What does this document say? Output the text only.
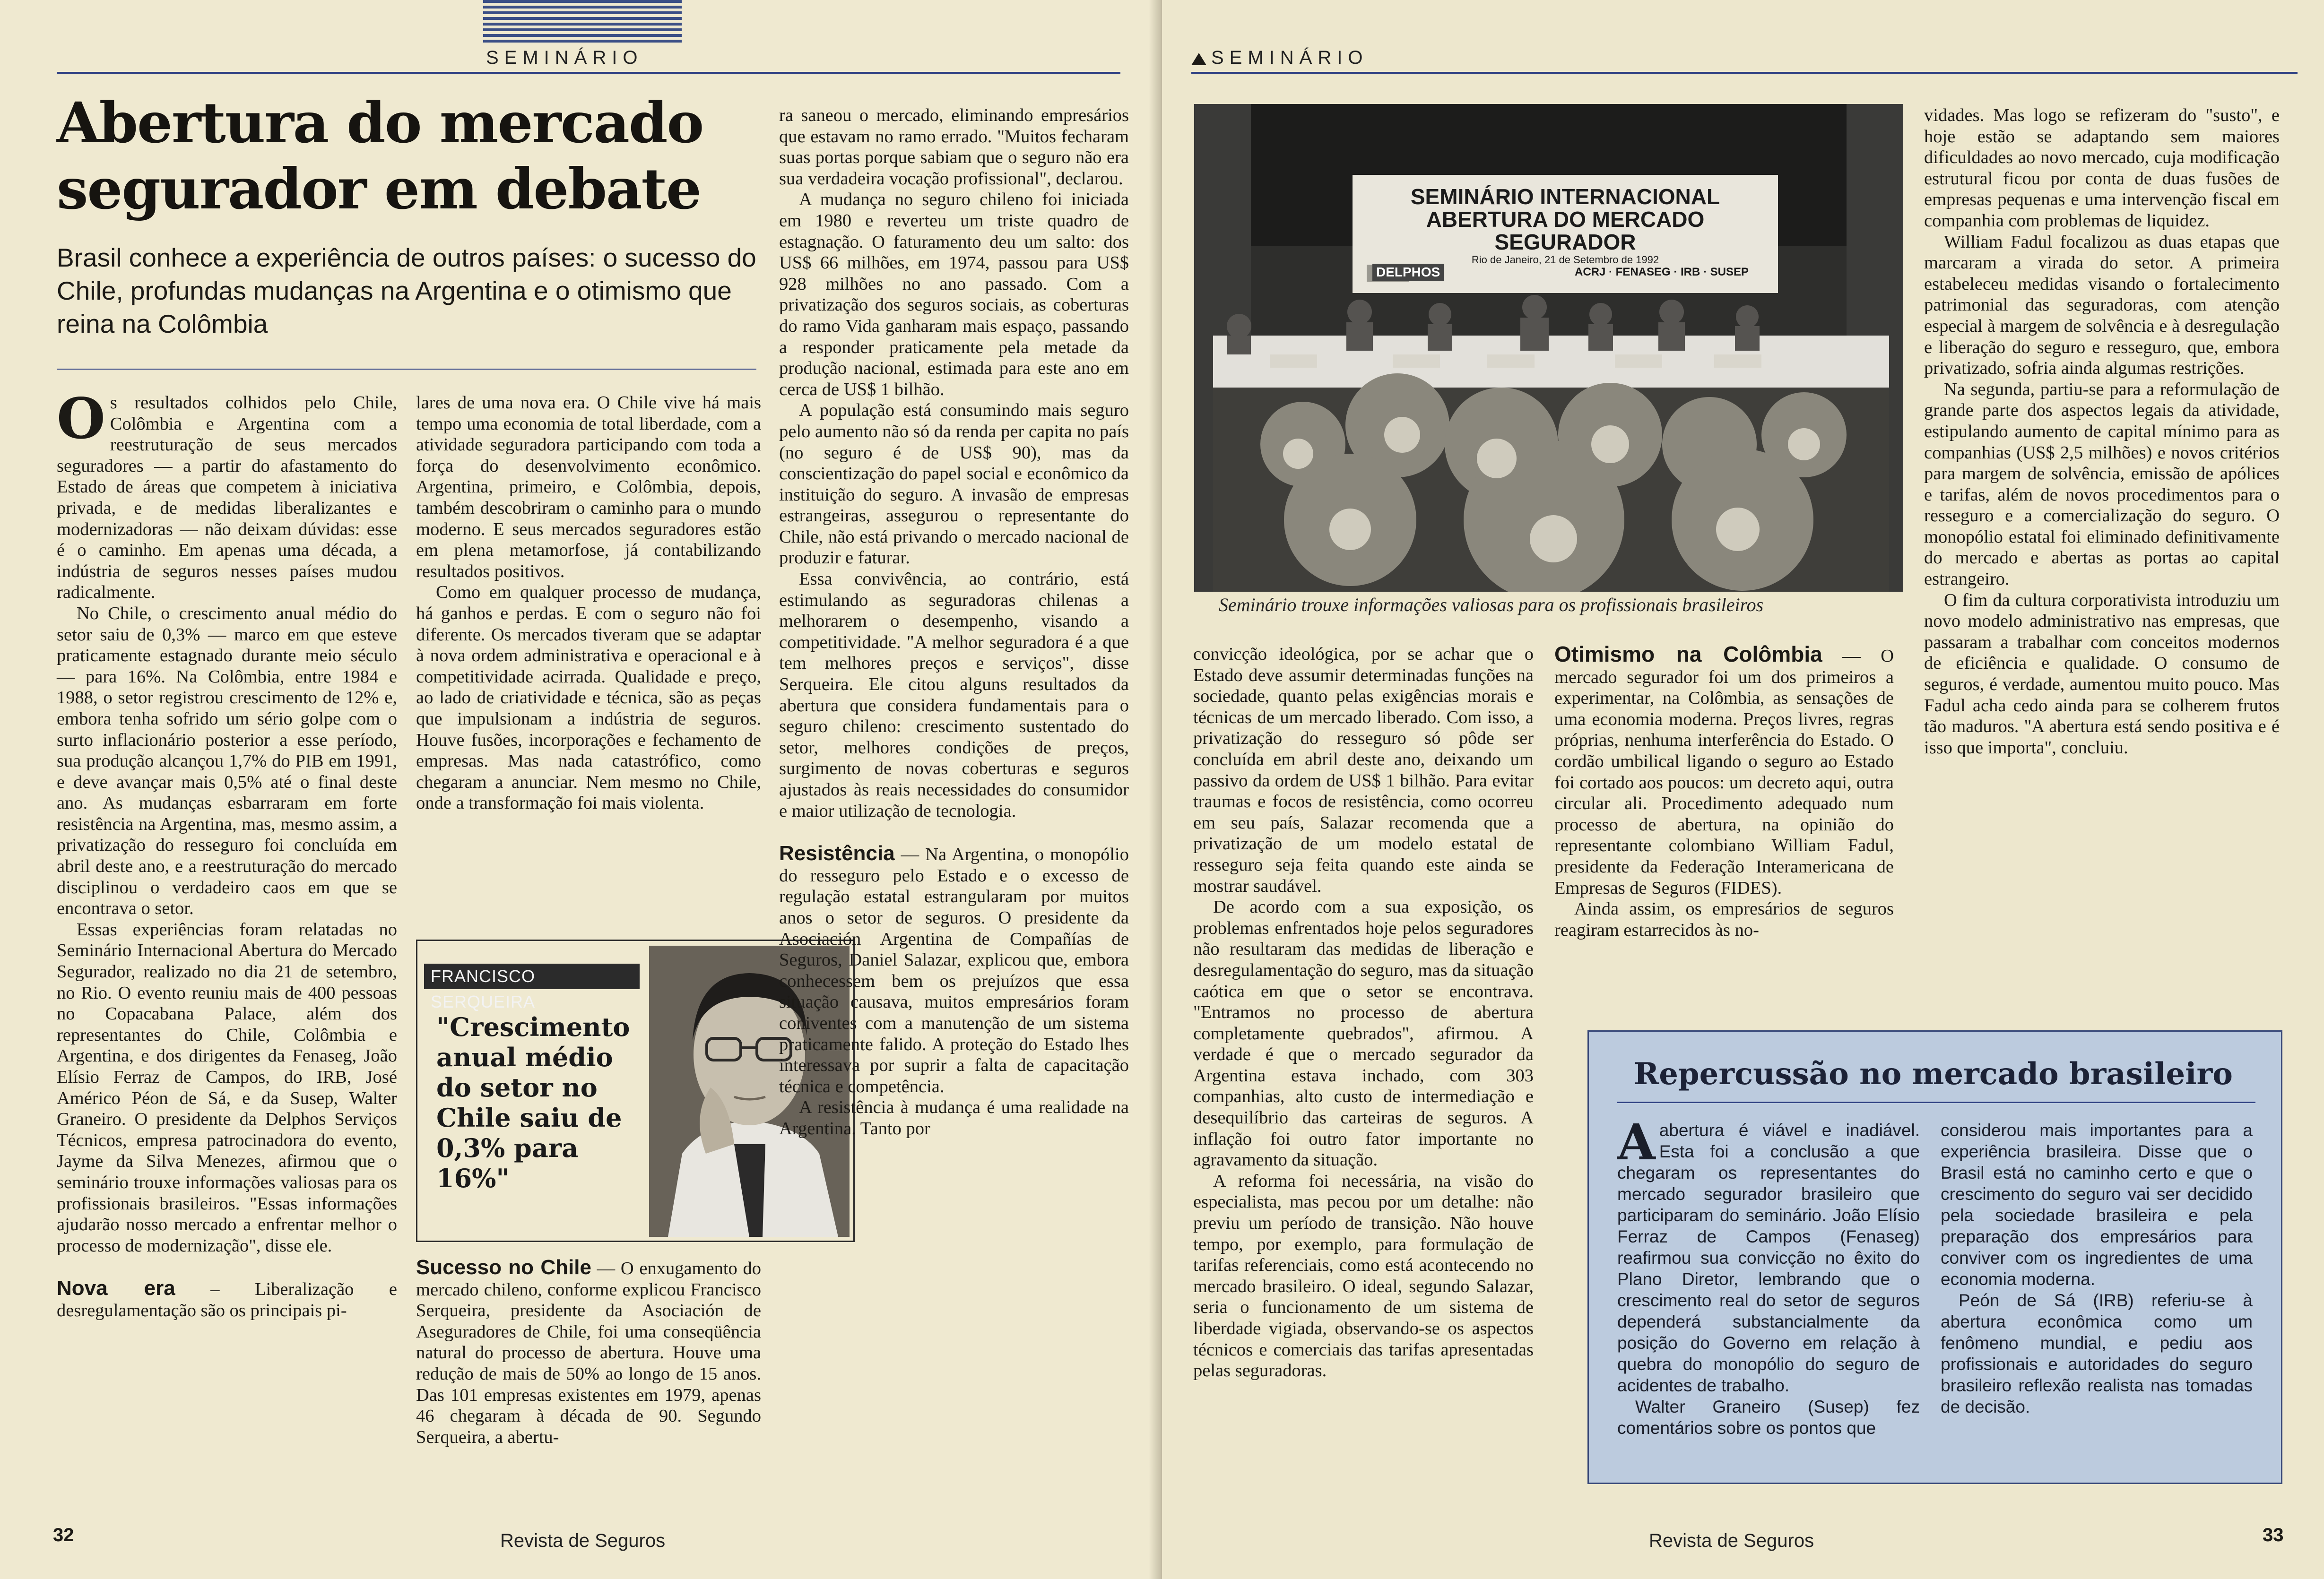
SEMINÁRIO
Abertura do mercado
segurador em debate
Brasil conhece a experiência de outros países: o sucesso do Chile, profundas mudanças na Argentina e o otimismo que reina na Colômbia

Os resultados colhidos pelo Chile, Colômbia e Argentina com a reestruturação de seus mercados seguradores — a partir do afastamento do Estado de áreas que competem à iniciativa privada, e de medidas liberalizantes e modernizadoras — não deixam dúvidas: esse é o caminho. Em apenas uma década, a indústria de seguros nesses países mudou radicalmente.

No Chile, o crescimento anual médio do setor saiu de 0,3% — marco em que esteve praticamente estagnado durante meio século — para 16%. Na Colômbia, entre 1984 e 1988, o setor registrou crescimento de 12% e, embora tenha sofrido um sério golpe com o surto inflacionário posterior a esse período, sua produção alcançou 1,7% do PIB em 1991, e deve avançar mais 0,5% até o final deste ano. As mudanças esbarraram em forte resistência na Argentina, mas, mesmo assim, a privatização do resseguro foi concluída em abril deste ano, e a reestruturação do mercado disciplinou o verdadeiro caos em que se encontrava o setor.

Essas experiências foram relatadas no Seminário Internacional Abertura do Mercado Segurador, realizado no dia 21 de setembro, no Rio. O evento reuniu mais de 400 pessoas no Copacabana Palace, além dos representantes do Chile, Colômbia e Argentina, e dos dirigentes da Fenaseg, João Elísio Ferraz de Campos, do IRB, José Américo Péon de Sá, e da Susep, Walter Graneiro. O presidente da Delphos Serviços Técnicos, empresa patrocinadora do evento, Jayme da Silva Menezes, afirmou que o seminário trouxe informações valiosas para os profissionais brasileiros. "Essas informações ajudarão nosso mercado a enfrentar melhor o processo de modernização", disse ele.

Nova era – Liberalização e desregulamentação são os principais pi-

lares de uma nova era. O Chile vive há mais tempo uma economia de total liberdade, com a atividade seguradora participando com toda a força do desenvolvimento econômico. Argentina, primeiro, e Colômbia, depois, também descobriram o caminho para o mundo moderno. E seus mercados seguradores estão em plena metamorfose, já contabilizando resultados positivos.

Como em qualquer processo de mudança, há ganhos e perdas. E com o seguro não foi diferente. Os mercados tiveram que se adaptar à nova ordem administrativa e operacional e à competitividade acirrada. Qualidade e preço, ao lado de criatividade e técnica, são as peças que impulsionam a indústria de seguros. Houve fusões, incorporações e fechamento de empresas. Mas nada catastrófico, como chegaram a anunciar. Nem mesmo no Chile, onde a transformação foi mais violenta.

FRANCISCO SERQUEIRA
"Crescimento anual médio do setor no Chile saiu de 0,3% para 16%"

Sucesso no Chile — O enxugamento do mercado chileno, conforme explicou Francisco Serqueira, presidente da Asociación de Aseguradores de Chile, foi uma conseqüência natural do processo de abertura. Houve uma redução de mais de 50% ao longo de 15 anos. Das 101 empresas existentes em 1979, apenas 46 chegaram à década de 90. Segundo Serqueira, a abertu-

ra saneou o mercado, eliminando empresários que estavam no ramo errado. "Muitos fecharam suas portas porque sabiam que o seguro não era sua verdadeira vocação profissional", declarou.

A mudança no seguro chileno foi iniciada em 1980 e reverteu um triste quadro de estagnação. O faturamento deu um salto: dos US$ 66 milhões, em 1974, passou para US$ 928 milhões no ano passado. Com a privatização dos seguros sociais, as coberturas do ramo Vida ganharam mais espaço, passando a responder praticamente pela metade da produção nacional, estimada para este ano em cerca de US$ 1 bilhão.

A população está consumindo mais seguro pelo aumento não só da renda per capita no país (no seguro é de US$ 90), mas da conscientização do papel social e econômico da instituição do seguro. A invasão de empresas estrangeiras, assegurou o representante do Chile, não está privando o mercado nacional de produzir e faturar.

Essa convivência, ao contrário, está estimulando as seguradoras chilenas a melhorarem o desempenho, visando a competitividade. "A melhor seguradora é a que tem melhores preços e serviços", disse Serqueira. Ele citou alguns resultados da abertura que considera fundamentais para o seguro chileno: crescimento sustentado do setor, melhores condições de preços, surgimento de novas coberturas e seguros ajustados às reais necessidades do consumidor e maior utilização de tecnologia.

Resistência — Na Argentina, o monopólio do resseguro pelo Estado e o excesso de regulação estatal estrangularam por muitos anos o setor de seguros. O presidente da Asociación Argentina de Compañías de Seguros, Daniel Salazar, explicou que, embora conhecessem bem os prejuízos que essa situação causava, muitos empresários foram coniventes com a manutenção de um sistema praticamente falido. A proteção do Estado lhes interessava por suprir a falta de capacitação técnica e competência.

A resistência à mudança é uma realidade na Argentina. Tanto por

32	Revista de Seguros
SEMINÁRIO
SEMINÁRIO INTERNACIONAL
ABERTURA DO MERCADO SEGURADOR
Rio de Janeiro, 21 de Setembro de 1992
DELPHOS	ACRJ · FENASEG · IRB · SUSEP
Seminário trouxe informações valiosas para os profissionais brasileiros

convicção ideológica, por se achar que o Estado deve assumir determinadas funções na sociedade, quanto pelas exigências morais e técnicas de um mercado liberado. Com isso, a privatização do resseguro só pôde ser concluída em abril deste ano, deixando um passivo da ordem de US$ 1 bilhão. Para evitar traumas e focos de resistência, como ocorreu em seu país, Salazar recomenda que a privatização de um modelo estatal de resseguro seja feita quando este ainda se mostrar saudável.

De acordo com a sua exposição, os problemas enfrentados hoje pelos seguradores não resultaram das medidas de liberação e desregulamentação do seguro, mas da situação caótica em que o setor se encontrava. "Entramos no processo de abertura completamente quebrados", afirmou. A verdade é que o mercado segurador da Argentina estava inchado, com 303 companhias, alto custo de intermediação e desequilíbrio das carteiras de seguros. A inflação foi outro fator importante no agravamento da situação.

A reforma foi necessária, na visão do especialista, mas pecou por um detalhe: não previu um período de transição. Não houve tempo, por exemplo, para formulação de tarifas referenciais, como está acontecendo no mercado brasileiro. O ideal, segundo Salazar, seria o funcionamento de um sistema de liberdade vigiada, observando-se os aspectos técnicos e comerciais das tarifas apresentadas pelas seguradoras.

Otimismo na Colômbia — O mercado segurador foi um dos primeiros a experimentar, na Colômbia, as sensações de uma economia moderna. Preços livres, regras próprias, nenhuma interferência do Estado. O cordão umbilical ligando o seguro ao Estado foi cortado aos poucos: um decreto aqui, outra circular ali. Procedimento adequado num processo de abertura, na opinião do representante colombiano William Fadul, presidente da Federação Interamericana de Empresas de Seguros (FIDES).

Ainda assim, os empresários de seguros reagiram estarrecidos às no-

vidades. Mas logo se refizeram do "susto", e hoje estão se adaptando sem maiores dificuldades ao novo mercado, cuja modificação estrutural ficou por conta de duas fusões de empresas pequenas e uma intervenção fiscal em companhia com problemas de liquidez.

William Fadul focalizou as duas etapas que marcaram a virada do setor. A primeira estabeleceu medidas visando o fortalecimento patrimonial das seguradoras, com atenção especial à margem de solvência e à desregulação e liberação do seguro e resseguro, que, embora privatizado, sofria ainda algumas restrições.

Na segunda, partiu-se para a reformulação de grande parte dos aspectos legais da atividade, estipulando aumento de capital mínimo para as companhias (US$ 2,5 milhões) e novos critérios para margem de solvência, emissão de apólices e tarifas, além de novos procedimentos para o resseguro e a comercialização do seguro. O monopólio estatal foi eliminado definitivamente do mercado e abertas as portas ao capital estrangeiro.

O fim da cultura corporativista introduziu um novo modelo administrativo nas empresas, que passaram a trabalhar com conceitos modernos de eficiência e qualidade. O consumo de seguros, é verdade, aumentou muito pouco. Mas Fadul acha cedo ainda para se colherem frutos tão maduros. "A abertura está sendo positiva e é isso que importa", concluiu.

Repercussão no mercado brasileiro

Aabertura é viável e inadiável. Esta foi a conclusão a que chegaram os representantes do mercado segurador brasileiro que participaram do seminário. João Elísio Ferraz de Campos (Fenaseg) reafirmou sua convicção no êxito do Plano Diretor, lembrando que o crescimento real do setor de seguros dependerá substancialmente da posição do Governo em relação à quebra do monopólio do seguro de acidentes de trabalho.

Walter Graneiro (Susep) fez comentários sobre os pontos que

considerou mais importantes para a experiência brasileira. Disse que o Brasil está no caminho certo e que o crescimento do seguro vai ser decidido pela sociedade brasileira e pela preparação dos empresários para conviver com os ingredientes de uma economia moderna.

Peón de Sá (IRB) referiu-se à abertura econômica como um fenômeno mundial, e pediu aos profissionais e autoridades do seguro brasileiro reflexão realista nas tomadas de decisão.

Revista de Seguros	33
